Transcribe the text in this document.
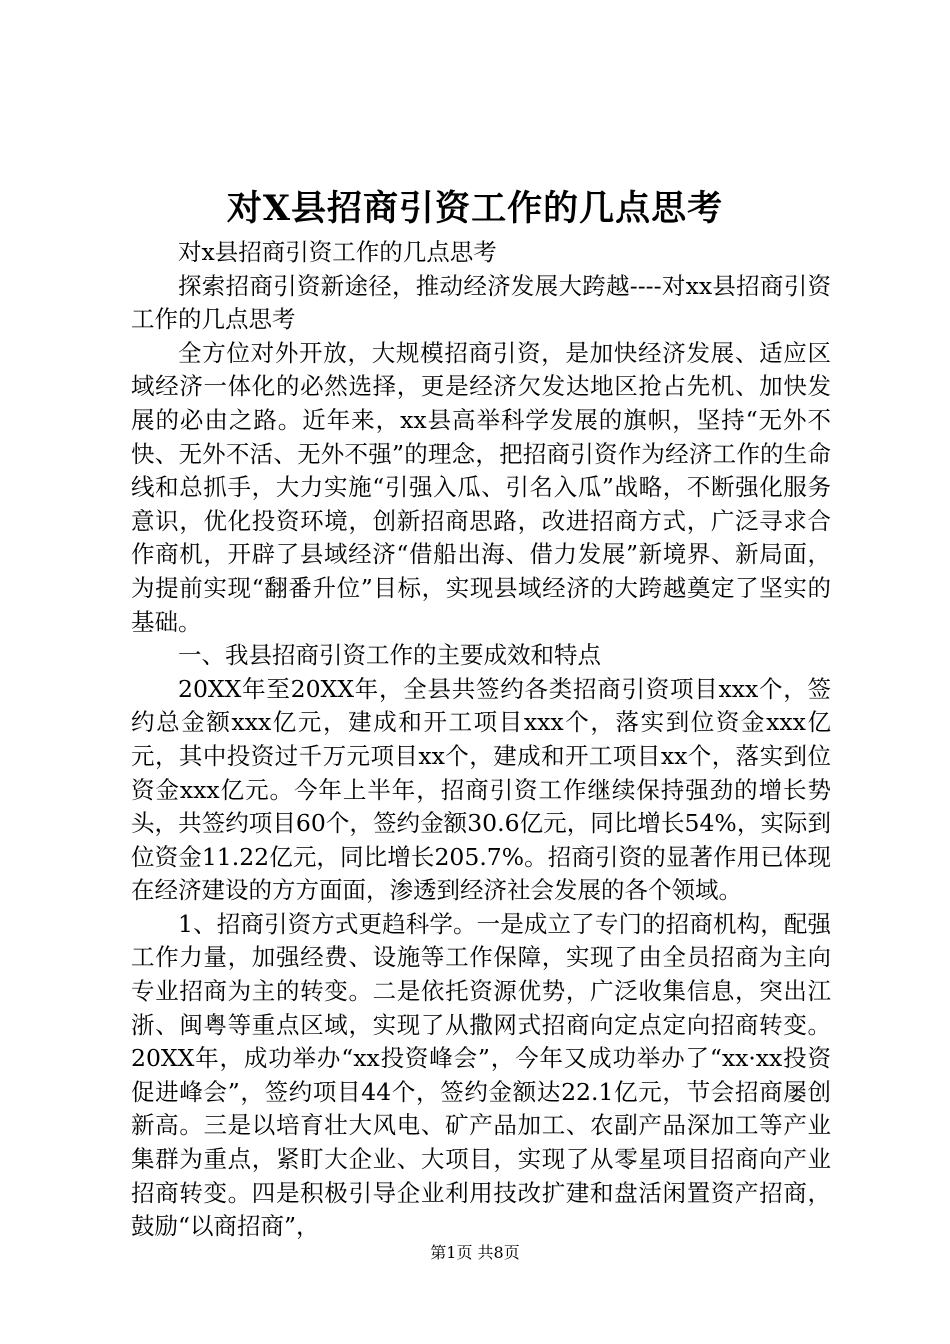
对X县招商引资工作的几点思考

对x县招商引资工作的几点思考

探索招商引资新途径，推动经济发展大跨越----对xx县招商引资工作的几点思考

全方位对外开放，大规模招商引资，是加快经济发展、适应区域经济一体化的必然选择，更是经济欠发达地区抢占先机、加快发展的必由之路。近年来，xx县高举科学发展的旗帜，坚持“无外不快、无外不活、无外不强”的理念，把招商引资作为经济工作的生命线和总抓手，大力实施“引强入瓜、引名入瓜”战略，不断强化服务意识，优化投资环境，创新招商思路，改进招商方式，广泛寻求合作商机，开辟了县域经济“借船出海、借力发展”新境界、新局面，为提前实现“翻番升位”目标，实现县域经济的大跨越奠定了坚实的基础。

一、我县招商引资工作的主要成效和特点

20XX年至20XX年，全县共签约各类招商引资项目xxx个，签约总金额xxx亿元，建成和开工项目xxx个，落实到位资金xxx亿元，其中投资过千万元项目xx个，建成和开工项目xx个，落实到位资金xxx亿元。今年上半年，招商引资工作继续保持强劲的增长势头，共签约项目60个，签约金额30.6亿元，同比增长54%，实际到位资金11.22亿元，同比增长205.7%。招商引资的显著作用已体现在经济建设的方方面面，渗透到经济社会发展的各个领域。

1、招商引资方式更趋科学。一是成立了专门的招商机构，配强工作力量，加强经费、设施等工作保障，实现了由全员招商为主向专业招商为主的转变。二是依托资源优势，广泛收集信息，突出江浙、闽粤等重点区域，实现了从撒网式招商向定点定向招商转变。20XX年，成功举办“xx投资峰会”，今年又成功举办了“xx·xx投资促进峰会”，签约项目44个，签约金额达22.1亿元，节会招商屡创新高。三是以培育壮大风电、矿产品加工、农副产品深加工等产业集群为重点，紧盯大企业、大项目，实现了从零星项目招商向产业招商转变。四是积极引导企业利用技改扩建和盘活闲置资产招商，鼓励“以商招商”，

第1页 共8页
